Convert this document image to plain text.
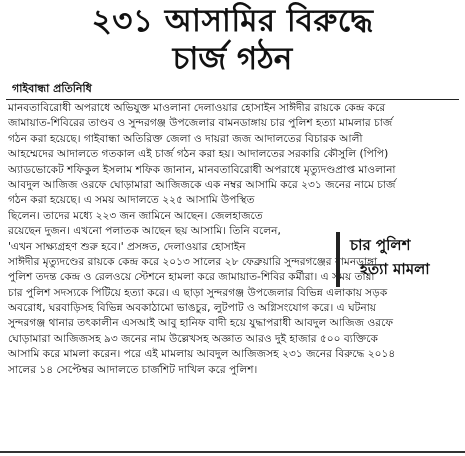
২৩১ আসামির বিরুদ্ধে
চার্জ গঠন
গাইবান্ধা প্রতিনিধি
মানবতাবিরোধী অপরাধে অভিযুক্ত মাওলানা দেলাওয়ার হোসাইন সাঈদীর রায়কে কেন্দ্র করে
জামায়াত-শিবিরের তাণ্ডব ও সুন্দরগঞ্জ উপজেলার বামনডাঙ্গায় চার পুলিশ হত্যা মামলার চার্জ
গঠন করা হয়েছে। গাইবান্ধা অতিরিক্ত জেলা ও দায়রা জজ আদালতের বিচারক আলী
আহম্মেদের আদালতে গতকাল এই চার্জ গঠন করা হয়। আদালতের সরকারি কৌসুলি (পিপি)
অ্যাডভোকেট শফিকুল ইসলাম শফিক জানান, মানবতাবিরোধী অপরাধে মৃত্যুদণ্ডপ্রাপ্ত মাওলানা
আবদুল আজিজ ওরফে ঘোড়ামারা আজিজকে এক নম্বর আসামি করে ২৩১ জনের নামে চার্জ
গঠন করা হয়েছে। এ সময় আদালতে ২২৫ আসামি উপস্থিত
ছিলেন। তাদের মধ্যে ২২৩ জন জামিনে আছেন। জেলহাজতে
রয়েছেন দুজন। এখনো পলাতক আছেন ছয় আসামি। তিনি বলেন,
'এখন সাক্ষ্যগ্রহণ শুরু হবে।' প্রসঙ্গত, দেলাওয়ার হোসাইন
সাঈদীর মৃত্যুদণ্ডের রায়কে কেন্দ্র করে ২০১৩ সালের ২৮ ফেব্রুয়ারি সুন্দরগঞ্জের বামনডাঙ্গা
পুলিশ তদন্ত কেন্দ্র ও রেলওয়ে স্টেশনে হামলা করে জামায়াত-শিবির কর্মীরা। এ সময় তারা
চার পুলিশ সদস্যকে পিটিয়ে হত্যা করে। এ ছাড়া সুন্দরগঞ্জ উপজেলার বিভিন্ন এলাকায় সড়ক
অবরোধ, ঘরবাড়িসহ বিভিন্ন অবকাঠামো ভাঙচুর, লুটপাট ও অগ্নিসংযোগ করে। এ ঘটনায়
সুন্দরগঞ্জ থানার তৎকালীন এসআই আবু হানিফ বাদী হয়ে যুদ্ধাপরাধী আবদুল আজিজ ওরফে
ঘোড়ামারা আজিজসহ ৯৩ জনের নাম উল্লেখসহ অজ্ঞাত আরও দুই হাজার ৫০০ ব্যক্তিকে
আসামি করে মামলা করেন। পরে এই মামলায় আবদুল আজিজসহ ২৩১ জনের বিরুদ্ধে ২০১৪
সালের ১৪ সেপ্টেম্বর আদালতে চার্জশিট দাখিল করে পুলিশ।
চার পুলিশ
হত্যা মামলা
